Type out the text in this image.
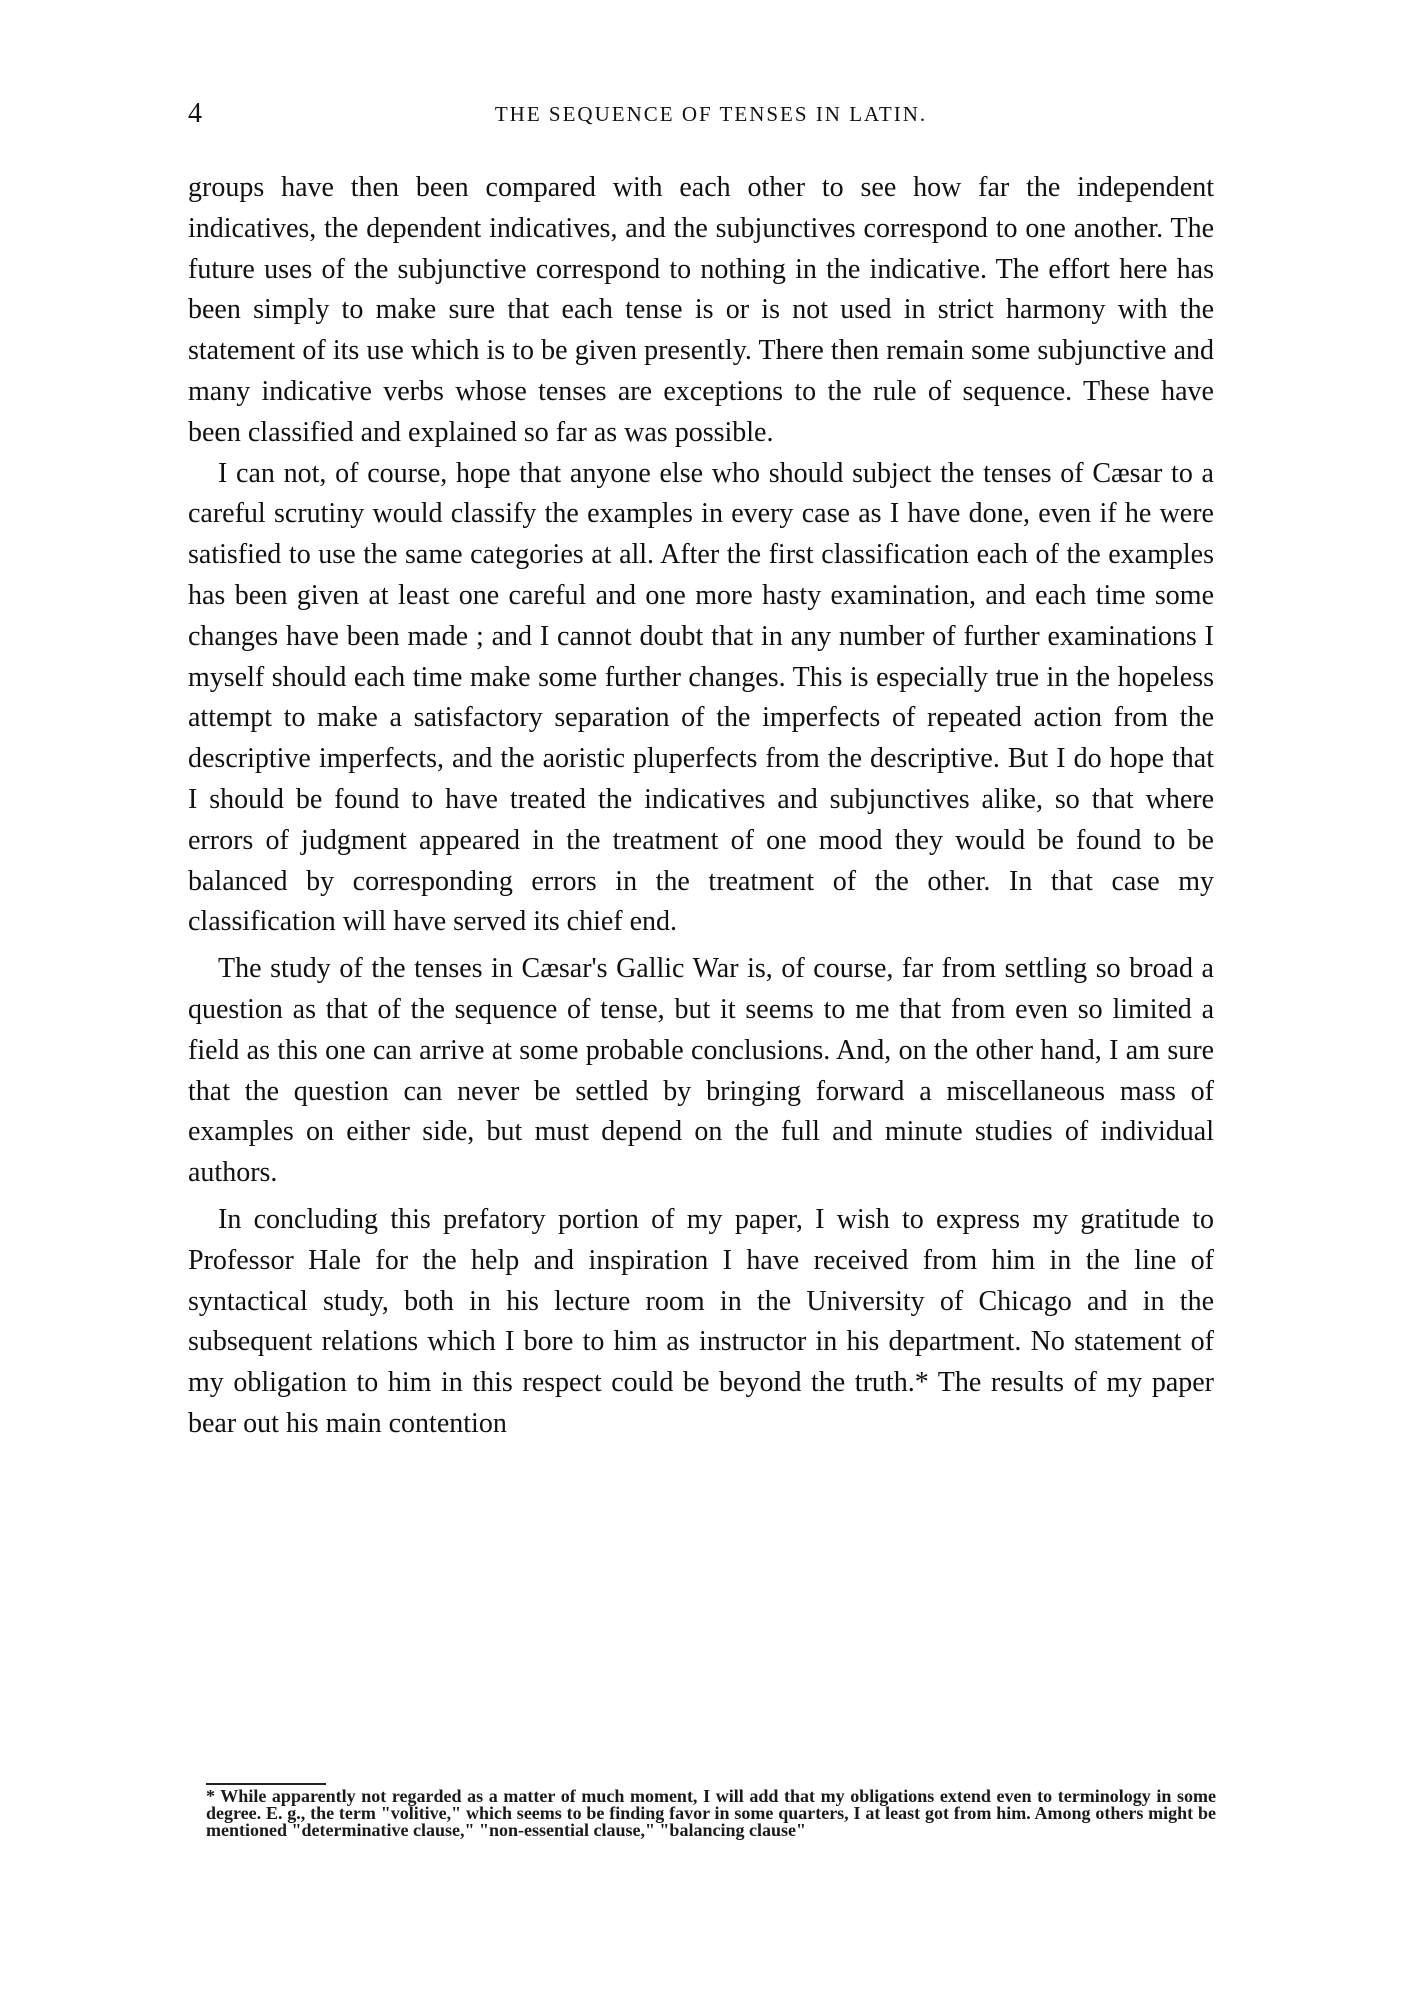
4	THE SEQUENCE OF TENSES IN LATIN.

groups have then been compared with each other to see how far the independent indicatives, the dependent indicatives, and the subjunctives correspond to one another. The future uses of the subjunctive correspond to nothing in the indicative. The effort here has been simply to make sure that each tense is or is not used in strict harmony with the statement of its use which is to be given presently. There then remain some subjunctive and many indicative verbs whose tenses are exceptions to the rule of sequence. These have been classified and explained so far as was possible.

I can not, of course, hope that anyone else who should subject the tenses of Cæsar to a careful scrutiny would classify the examples in every case as I have done, even if he were satisfied to use the same categories at all. After the first classification each of the examples has been given at least one careful and one more hasty examination, and each time some changes have been made ; and I cannot doubt that in any number of further examinations I myself should each time make some further changes. This is especially true in the hopeless attempt to make a satisfactory separation of the imperfects of repeated action from the descriptive imperfects, and the aoristic pluperfects from the descriptive. But I do hope that I should be found to have treated the indicatives and subjunctives alike, so that where errors of judgment appeared in the treatment of one mood they would be found to be balanced by corresponding errors in the treatment of the other. In that case my classification will have served its chief end.

The study of the tenses in Cæsar's Gallic War is, of course, far from settling so broad a question as that of the sequence of tense, but it seems to me that from even so limited a field as this one can arrive at some probable conclusions. And, on the other hand, I am sure that the question can never be settled by bringing forward a miscellaneous mass of examples on either side, but must depend on the full and minute studies of individual authors.

In concluding this prefatory portion of my paper, I wish to express my gratitude to Professor Hale for the help and inspiration I have received from him in the line of syntactical study, both in his lecture room in the University of Chicago and in the subsequent relations which I bore to him as instructor in his department. No statement of my obligation to him in this respect could be beyond the truth.* The results of my paper bear out his main contention

* While apparently not regarded as a matter of much moment, I will add that my obligations extend even to terminology in some degree. E. g., the term "volitive," which seems to be finding favor in some quarters, I at least got from him. Among others might be mentioned "determinative clause," "non-essential clause," "balancing clause"
